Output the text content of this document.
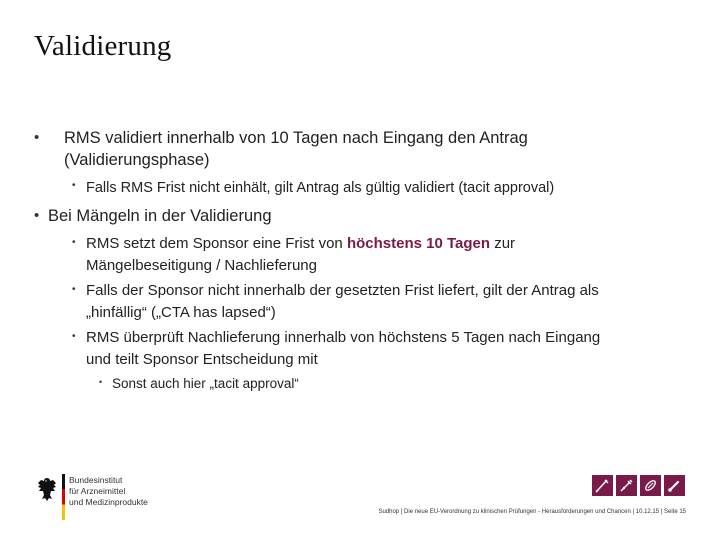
Validierung
• RMS validiert innerhalb von 10 Tagen nach Eingang den Antrag
(Validierungsphase)
• Falls RMS Frist nicht einhält, gilt Antrag als gültig validiert (tacit approval)
• Bei Mängeln in der Validierung
• RMS setzt dem Sponsor eine Frist von höchstens 10 Tagen zur
Mängelbeseitigung / Nachlieferung
• Falls der Sponsor nicht innerhalb der gesetzten Frist liefert, gilt der Antrag als
„hinfällig“ („CTA has lapsed“)
• RMS überprüft Nachlieferung innerhalb von höchstens 5 Tagen nach Eingang
und teilt Sponsor Entscheidung mit
• Sonst auch hier „tacit approval“
Bundesinstitut
für Arzneimittel
und Medizinprodukte
Sudhop | Die neue EU-Verordnung zu klinischen Prüfungen - Herausforderungen und Chancen | 10.12.15 | Seite 15
